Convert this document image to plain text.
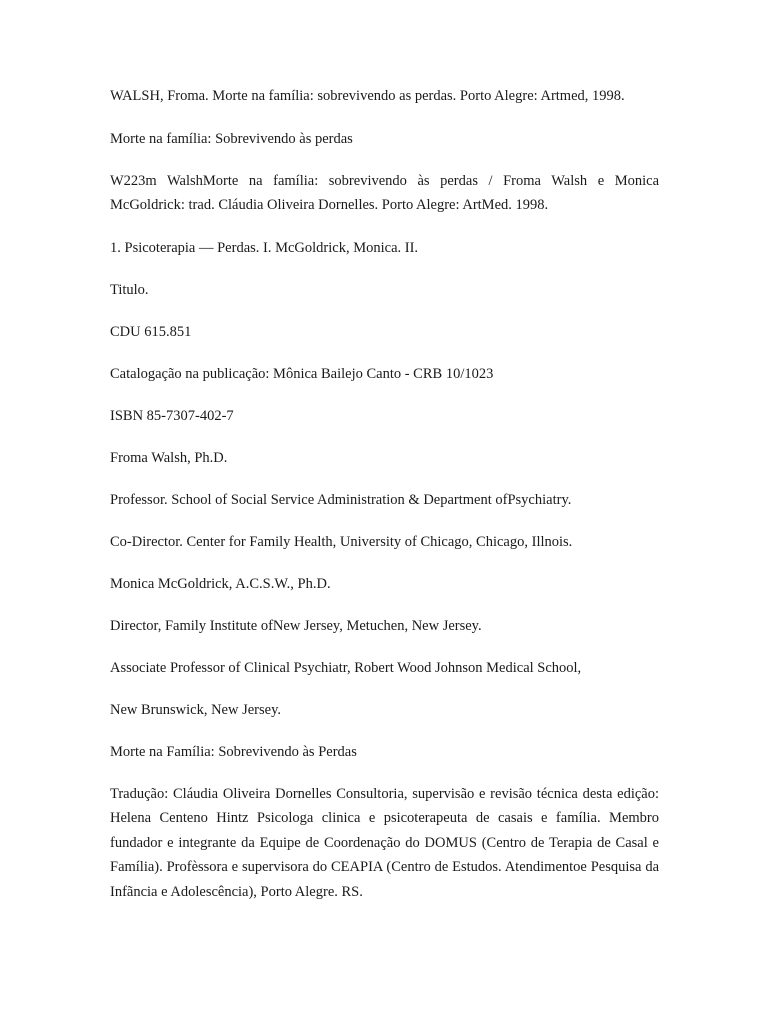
WALSH, Froma. Morte na família: sobrevivendo as perdas. Porto Alegre: Artmed, 1998.

Morte na família: Sobrevivendo às perdas

W223m WalshMorte na família: sobrevivendo às perdas / Froma Walsh e Monica McGoldrick: trad. Cláudia Oliveira Dornelles. Porto Alegre: ArtMed. 1998.

1. Psicoterapia — Perdas. I. McGoldrick, Monica. II.

Titulo.

CDU 615.851

Catalogação na publicação: Mônica Bailejo Canto - CRB 10/1023

ISBN 85-7307-402-7

Froma Walsh, Ph.D.

Professor. School of Social Service Administration & Department ofPsychiatry.

Co-Director. Center for Family Health, University of Chicago, Chicago, Illnois.

Monica McGoldrick, A.C.S.W., Ph.D.

Director, Family Institute ofNew Jersey, Metuchen, New Jersey.

Associate Professor of Clinical Psychiatr, Robert Wood Johnson Medical School,

New Brunswick, New Jersey.

Morte na Família: Sobrevivendo às Perdas

Tradução: Cláudia Oliveira Dornelles Consultoria, supervisão e revisão técnica desta edição: Helena Centeno Hintz Psicologa clinica e psicoterapeuta de casais e família. Membro fundador e integrante da Equipe de Coordenação do DOMUS (Centro de Terapia de Casal e Família). Profèssora e supervisora do CEAPIA (Centro de Estudos. Atendimentoe Pesquisa da Infãncia e Adolescência), Porto Alegre. RS.
